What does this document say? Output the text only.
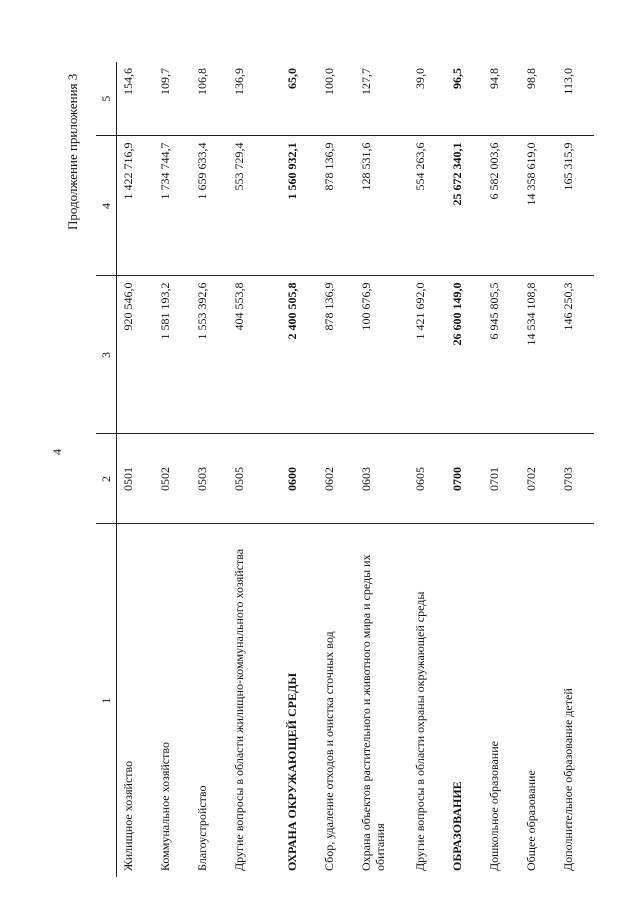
4
Продолжение приложения 3
1	2	3	4	5
Жилищное хозяйство	0501	920 546,0	1 422 716,9	154,6
Коммунальное хозяйство	0502	1 581 193,2	1 734 744,7	109,7
Благоустройство	0503	1 553 392,6	1 659 633,4	106,8
Другие вопросы в области жилищно-коммунального хозяйства	0505	404 553,8	553 729,4	136,9
ОХРАНА ОКРУЖАЮЩЕЙ СРЕДЫ	0600	2 400 505,8	1 560 932,1	65,0
Сбор, удаление отходов и очистка сточных вод	0602	878 136,9	878 136,9	100,0
Охрана объектов растительного и животного мира и среды их обитания	0603	100 676,9	128 531,6	127,7
Другие вопросы в области охраны окружающей среды	0605	1 421 692,0	554 263,6	39,0
ОБРАЗОВАНИЕ	0700	26 600 149,0	25 672 340,1	96,5
Дошкольное образование	0701	6 945 805,5	6 582 003,6	94,8
Общее образование	0702	14 534 108,8	14 358 619,0	98,8
Дополнительное образование детей	0703	146 250,3	165 315,9	113,0
